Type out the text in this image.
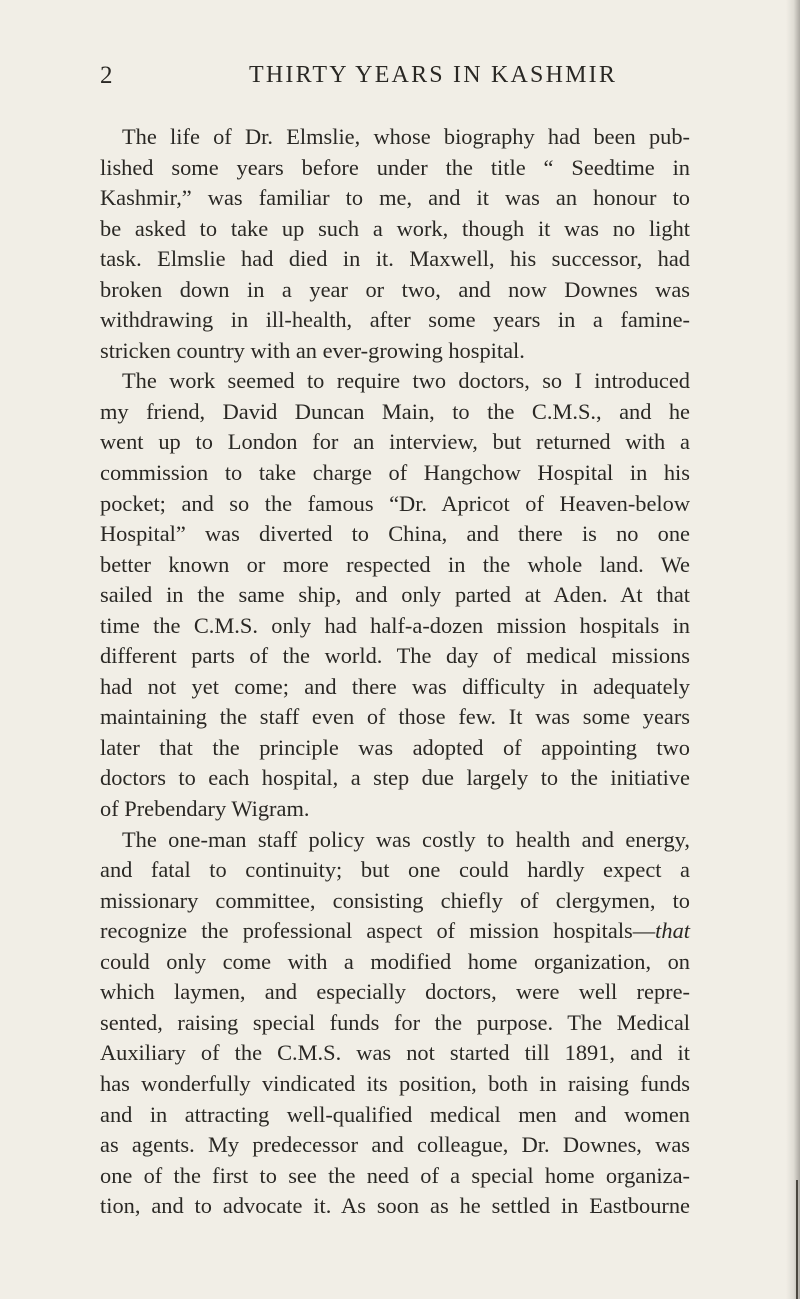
2	THIRTY YEARS IN KASHMIR
The life of Dr. Elmslie, whose biography had been pub-
lished some years before under the title “ Seedtime in
Kashmir,” was familiar to me, and it was an honour to
be asked to take up such a work, though it was no light
task. Elmslie had died in it. Maxwell, his successor, had
broken down in a year or two, and now Downes was
withdrawing in ill-health, after some years in a famine-
stricken country with an ever-growing hospital.
The work seemed to require two doctors, so I introduced
my friend, David Duncan Main, to the C.M.S., and he
went up to London for an interview, but returned with a
commission to take charge of Hangchow Hospital in his
pocket; and so the famous “Dr. Apricot of Heaven-below
Hospital” was diverted to China, and there is no one
better known or more respected in the whole land. We
sailed in the same ship, and only parted at Aden. At that
time the C.M.S. only had half-a-dozen mission hospitals in
different parts of the world. The day of medical missions
had not yet come; and there was difficulty in adequately
maintaining the staff even of those few. It was some years
later that the principle was adopted of appointing two
doctors to each hospital, a step due largely to the initiative
of Prebendary Wigram.
The one-man staff policy was costly to health and energy,
and fatal to continuity; but one could hardly expect a
missionary committee, consisting chiefly of clergymen, to
recognize the professional aspect of mission hospitals—that
could only come with a modified home organization, on
which laymen, and especially doctors, were well repre-
sented, raising special funds for the purpose. The Medical
Auxiliary of the C.M.S. was not started till 1891, and it
has wonderfully vindicated its position, both in raising funds
and in attracting well-qualified medical men and women
as agents. My predecessor and colleague, Dr. Downes, was
one of the first to see the need of a special home organiza-
tion, and to advocate it. As soon as he settled in Eastbourne
